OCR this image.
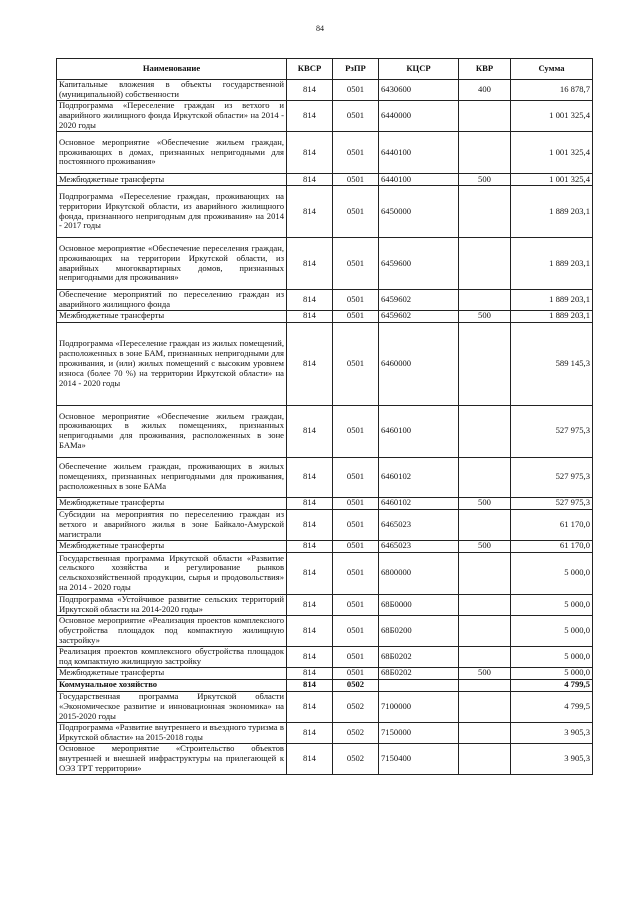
84
Наименование	КВСР	РзПР	КЦСР	КВР	Сумма
Капитальные вложения в объекты государственной (муниципальной) собственности	814	0501	6430600	400	16 878,7
Подпрограмма «Переселение граждан из ветхого и аварийного жилищного фонда Иркутской области» на 2014 - 2020 годы	814	0501	6440000		1 001 325,4
Основное мероприятие «Обеспечение жильем граждан, проживающих в домах, признанных непригодными для постоянного проживания»	814	0501	6440100		1 001 325,4
Межбюджетные трансферты	814	0501	6440100	500	1 001 325,4
Подпрограмма «Переселение граждан, проживающих на территории Иркутской области, из аварийного жилищного фонда, признанного непригодным для проживания» на 2014 - 2017 годы	814	0501	6450000		1 889 203,1
Основное мероприятие «Обеспечение переселения граждан, проживающих на территории Иркутской области, из аварийных многоквартирных домов, признанных непригодными для проживания»	814	0501	6459600		1 889 203,1
Обеспечение мероприятий по переселению граждан из аварийного жилищного фонда	814	0501	6459602		1 889 203,1
Межбюджетные трансферты	814	0501	6459602	500	1 889 203,1
Подпрограмма «Переселение граждан из жилых помещений, расположенных в зоне БАМ, признанных непригодными для проживания, и (или) жилых помещений с высоким уровнем износа (более 70 %) на территории Иркутской области» на 2014 - 2020 годы	814	0501	6460000		589 145,3
Основное мероприятие «Обеспечение жильем граждан, проживающих в жилых помещениях, признанных непригодными для проживания, расположенных в зоне БАМа»	814	0501	6460100		527 975,3
Обеспечение жильем граждан, проживающих в жилых помещениях, признанных непригодными для проживания, расположенных в зоне БАМа	814	0501	6460102		527 975,3
Межбюджетные трансферты	814	0501	6460102	500	527 975,3
Субсидии на мероприятия по переселению граждан из ветхого и аварийного жилья в зоне Байкало-Амурской магистрали	814	0501	6465023		61 170,0
Межбюджетные трансферты	814	0501	6465023	500	61 170,0
Государственная программа Иркутской области «Развитие сельского хозяйства и регулирование рынков сельскохозяйственной продукции, сырья и продовольствия» на 2014 - 2020 годы	814	0501	6800000		5 000,0
Подпрограмма «Устойчивое развитие сельских территорий Иркутской области на 2014-2020 годы»	814	0501	68Б0000		5 000,0
Основное мероприятие «Реализация проектов комплексного обустройства площадок под компактную жилищную застройку»	814	0501	68Б0200		5 000,0
Реализация проектов комплексного обустройства площадок под компактную жилищную застройку	814	0501	68Б0202		5 000,0
Межбюджетные трансферты	814	0501	68Б0202	500	5 000,0
Коммунальное хозяйство	814	0502			4 799,5
Государственная программа Иркутской области «Экономическое развитие и инновационная экономика» на 2015-2020 годы	814	0502	7100000		4 799,5
Подпрограмма «Развитие внутреннего и въездного туризма в Иркутской области» на 2015-2018 годы	814	0502	7150000		3 905,3
Основное мероприятие «Строительство объектов внутренней и внешней инфраструктуры на прилегающей к ОЭЗ ТРТ территории»	814	0502	7150400		3 905,3
